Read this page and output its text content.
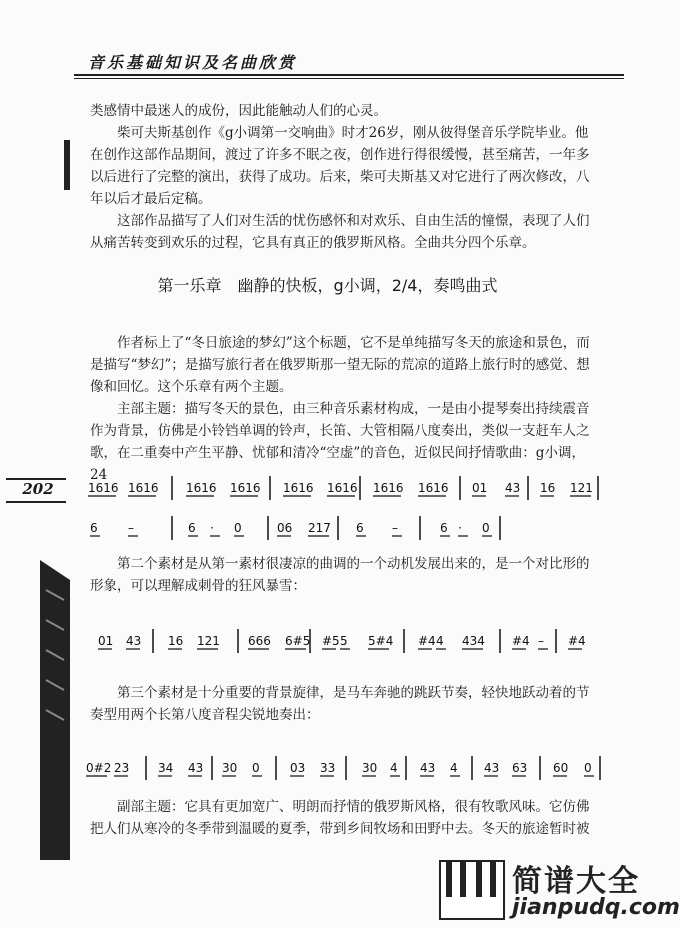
音乐基础知识及名曲欣赏
类感情中最迷人的成份，因此能触动人们的心灵。
　　柴可夫斯基创作《g小调第一交响曲》时才26岁，刚从彼得堡音乐学院毕业。他在创作这部作品期间，渡过了许多不眠之夜，创作进行得很缓慢，甚至痛苦，一年多以后进行了完整的演出，获得了成功。后来，柴可夫斯基又对它进行了两次修改，八年以后才最后定稿。
　　这部作品描写了人们对生活的忧伤感怀和对欢乐、自由生活的憧憬，表现了人们从痛苦转变到欢乐的过程，它具有真正的俄罗斯风格。全曲共分四个乐章。
第一乐章　幽静的快板，g小调，2/4，奏鸣曲式
　　作者标上了“冬日旅途的梦幻”这个标题，它不是单纯描写冬天的旅途和景色，而是描写“梦幻”；是描写旅行者在俄罗斯那一望无际的荒凉的道路上旅行时的感觉、想像和回忆。这个乐章有两个主题。
　　主部主题：描写冬天的景色，由三种音乐素材构成，一是由小提琴奏出持续震音作为背景，仿佛是小铃铛单调的铃声，长笛、大管相隔八度奏出，类似一支赶车人之歌，在二重奏中产生平静、忧郁和清冷“空虚”的音色，近似民间抒情歌曲：g小调，24
202
　　第二个素材是从第一素材很凄凉的曲调的一个动机发展出来的，是一个对比形的形象，可以理解成刺骨的狂风暴雪：
　　第三个素材是十分重要的背景旋律，是马车奔驰的跳跃节奏，轻快地跃动着的节奏型用两个长第八度音程尖锐地奏出：
　　副部主题：它具有更加宽广、明朗而抒情的俄罗斯风格，很有牧歌风味。它仿佛把人们从寒冷的冬季带到温暖的夏季，带到乡间牧场和田野中去。冬天的旅途暂时被
1616 1616 1616 1616 1616 1616 1616 1616 01 43 16 121
6	–	6 · 0	06 217 6 –	6 · 0
01 43 16 121 666 6#5 #5 5 5#4 #4 4 434 #4 – #4
0#2 23 34 43 30 0	03 33 30 4 43 4 43 63 60 0
简谱大全
jianpudq.com
